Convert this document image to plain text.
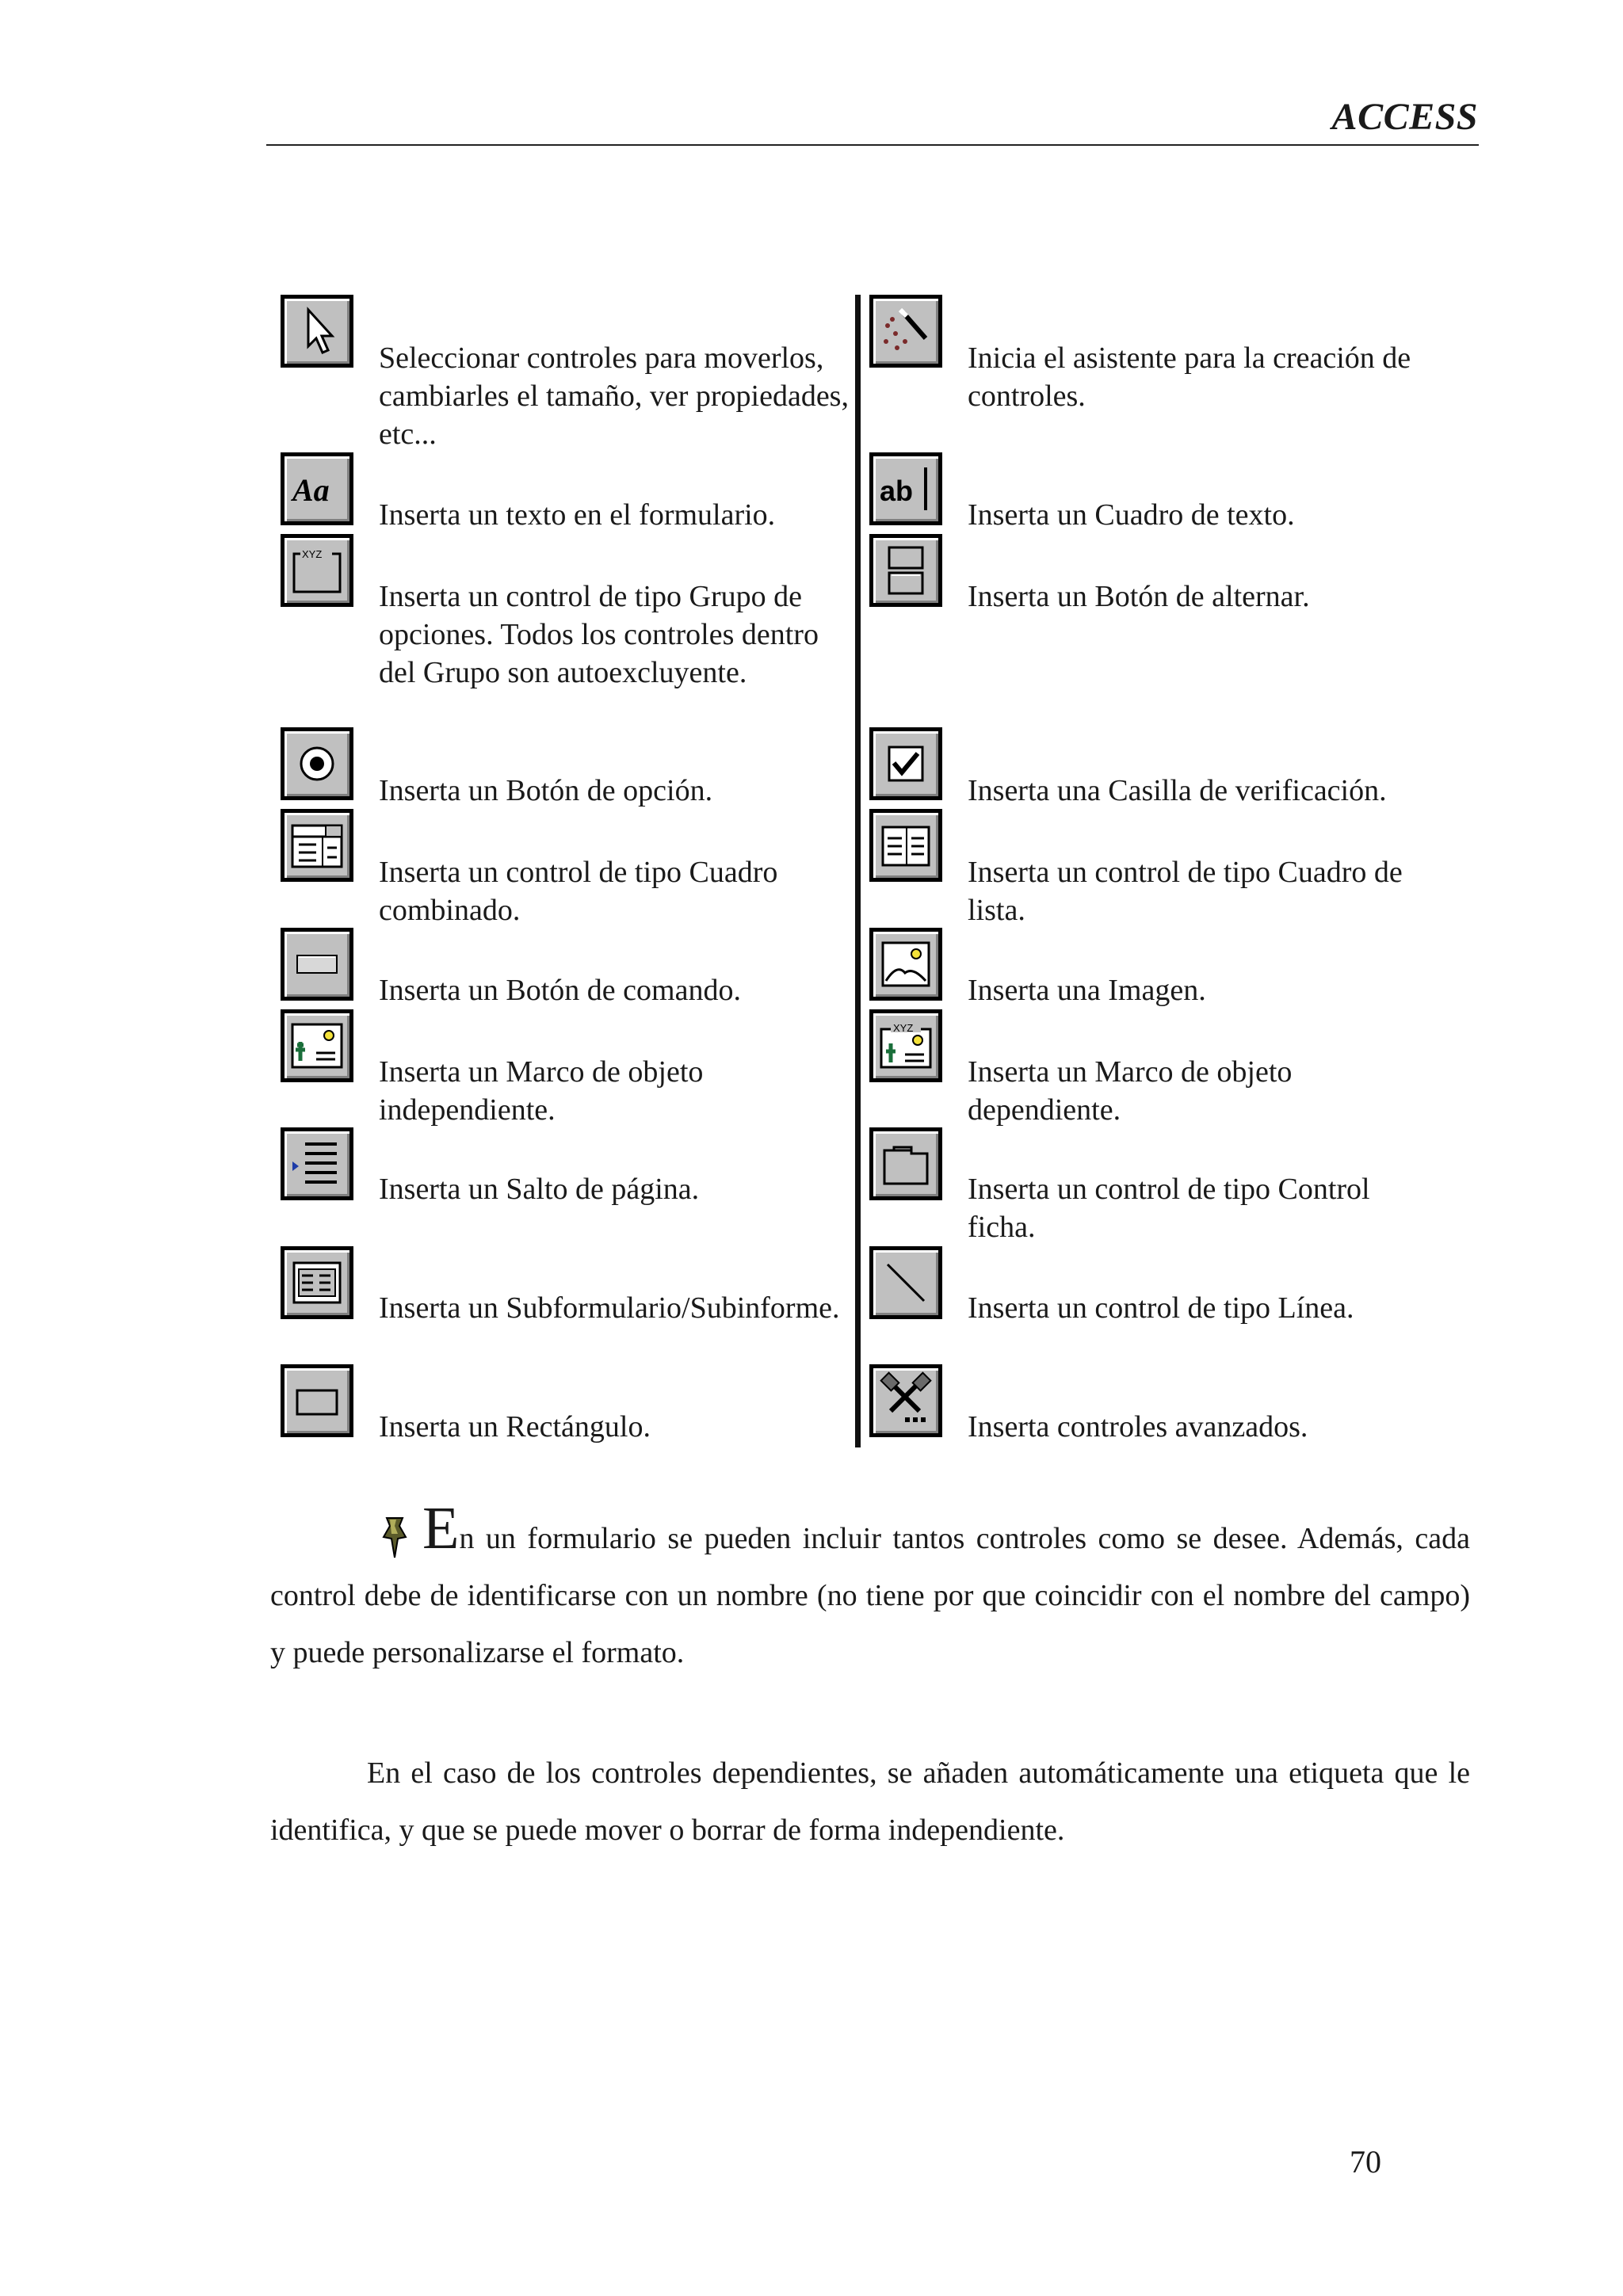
ACCESS
Seleccionar controles para moverlos, cambiarles el tamaño, ver propiedades, etc...
Aa
Inserta un texto en el formulario.
XYZ
Inserta un control de tipo Grupo de opciones. Todos los controles dentro del Grupo son autoexcluyente.
Inserta un Botón de opción.
Inserta un control de tipo Cuadro combinado.
Inserta un Botón de comando.
Inserta un Marco de objeto independiente.
Inserta un Salto de página.
Inserta un Subformulario/Subinforme.
Inserta un Rectángulo.
Inicia el asistente para la creación de controles.
ab
Inserta un Cuadro de texto.
Inserta un Botón de alternar.
Inserta una Casilla de verificación.
Inserta un control de tipo Cuadro de lista.
Inserta una Imagen.
XYZ
Inserta un Marco de objeto dependiente.
Inserta un control de tipo Control ficha.
Inserta un control de tipo Línea.
Inserta controles avanzados.
En un formulario se pueden incluir tantos controles como se desee. Además, cada control debe de identificarse con un nombre (no tiene por que coincidir con el nombre del campo) y puede personalizarse el formato.
En el caso de los controles dependientes, se añaden automáticamente una etiqueta que le identifica, y que se puede mover o borrar de forma independiente.
70
